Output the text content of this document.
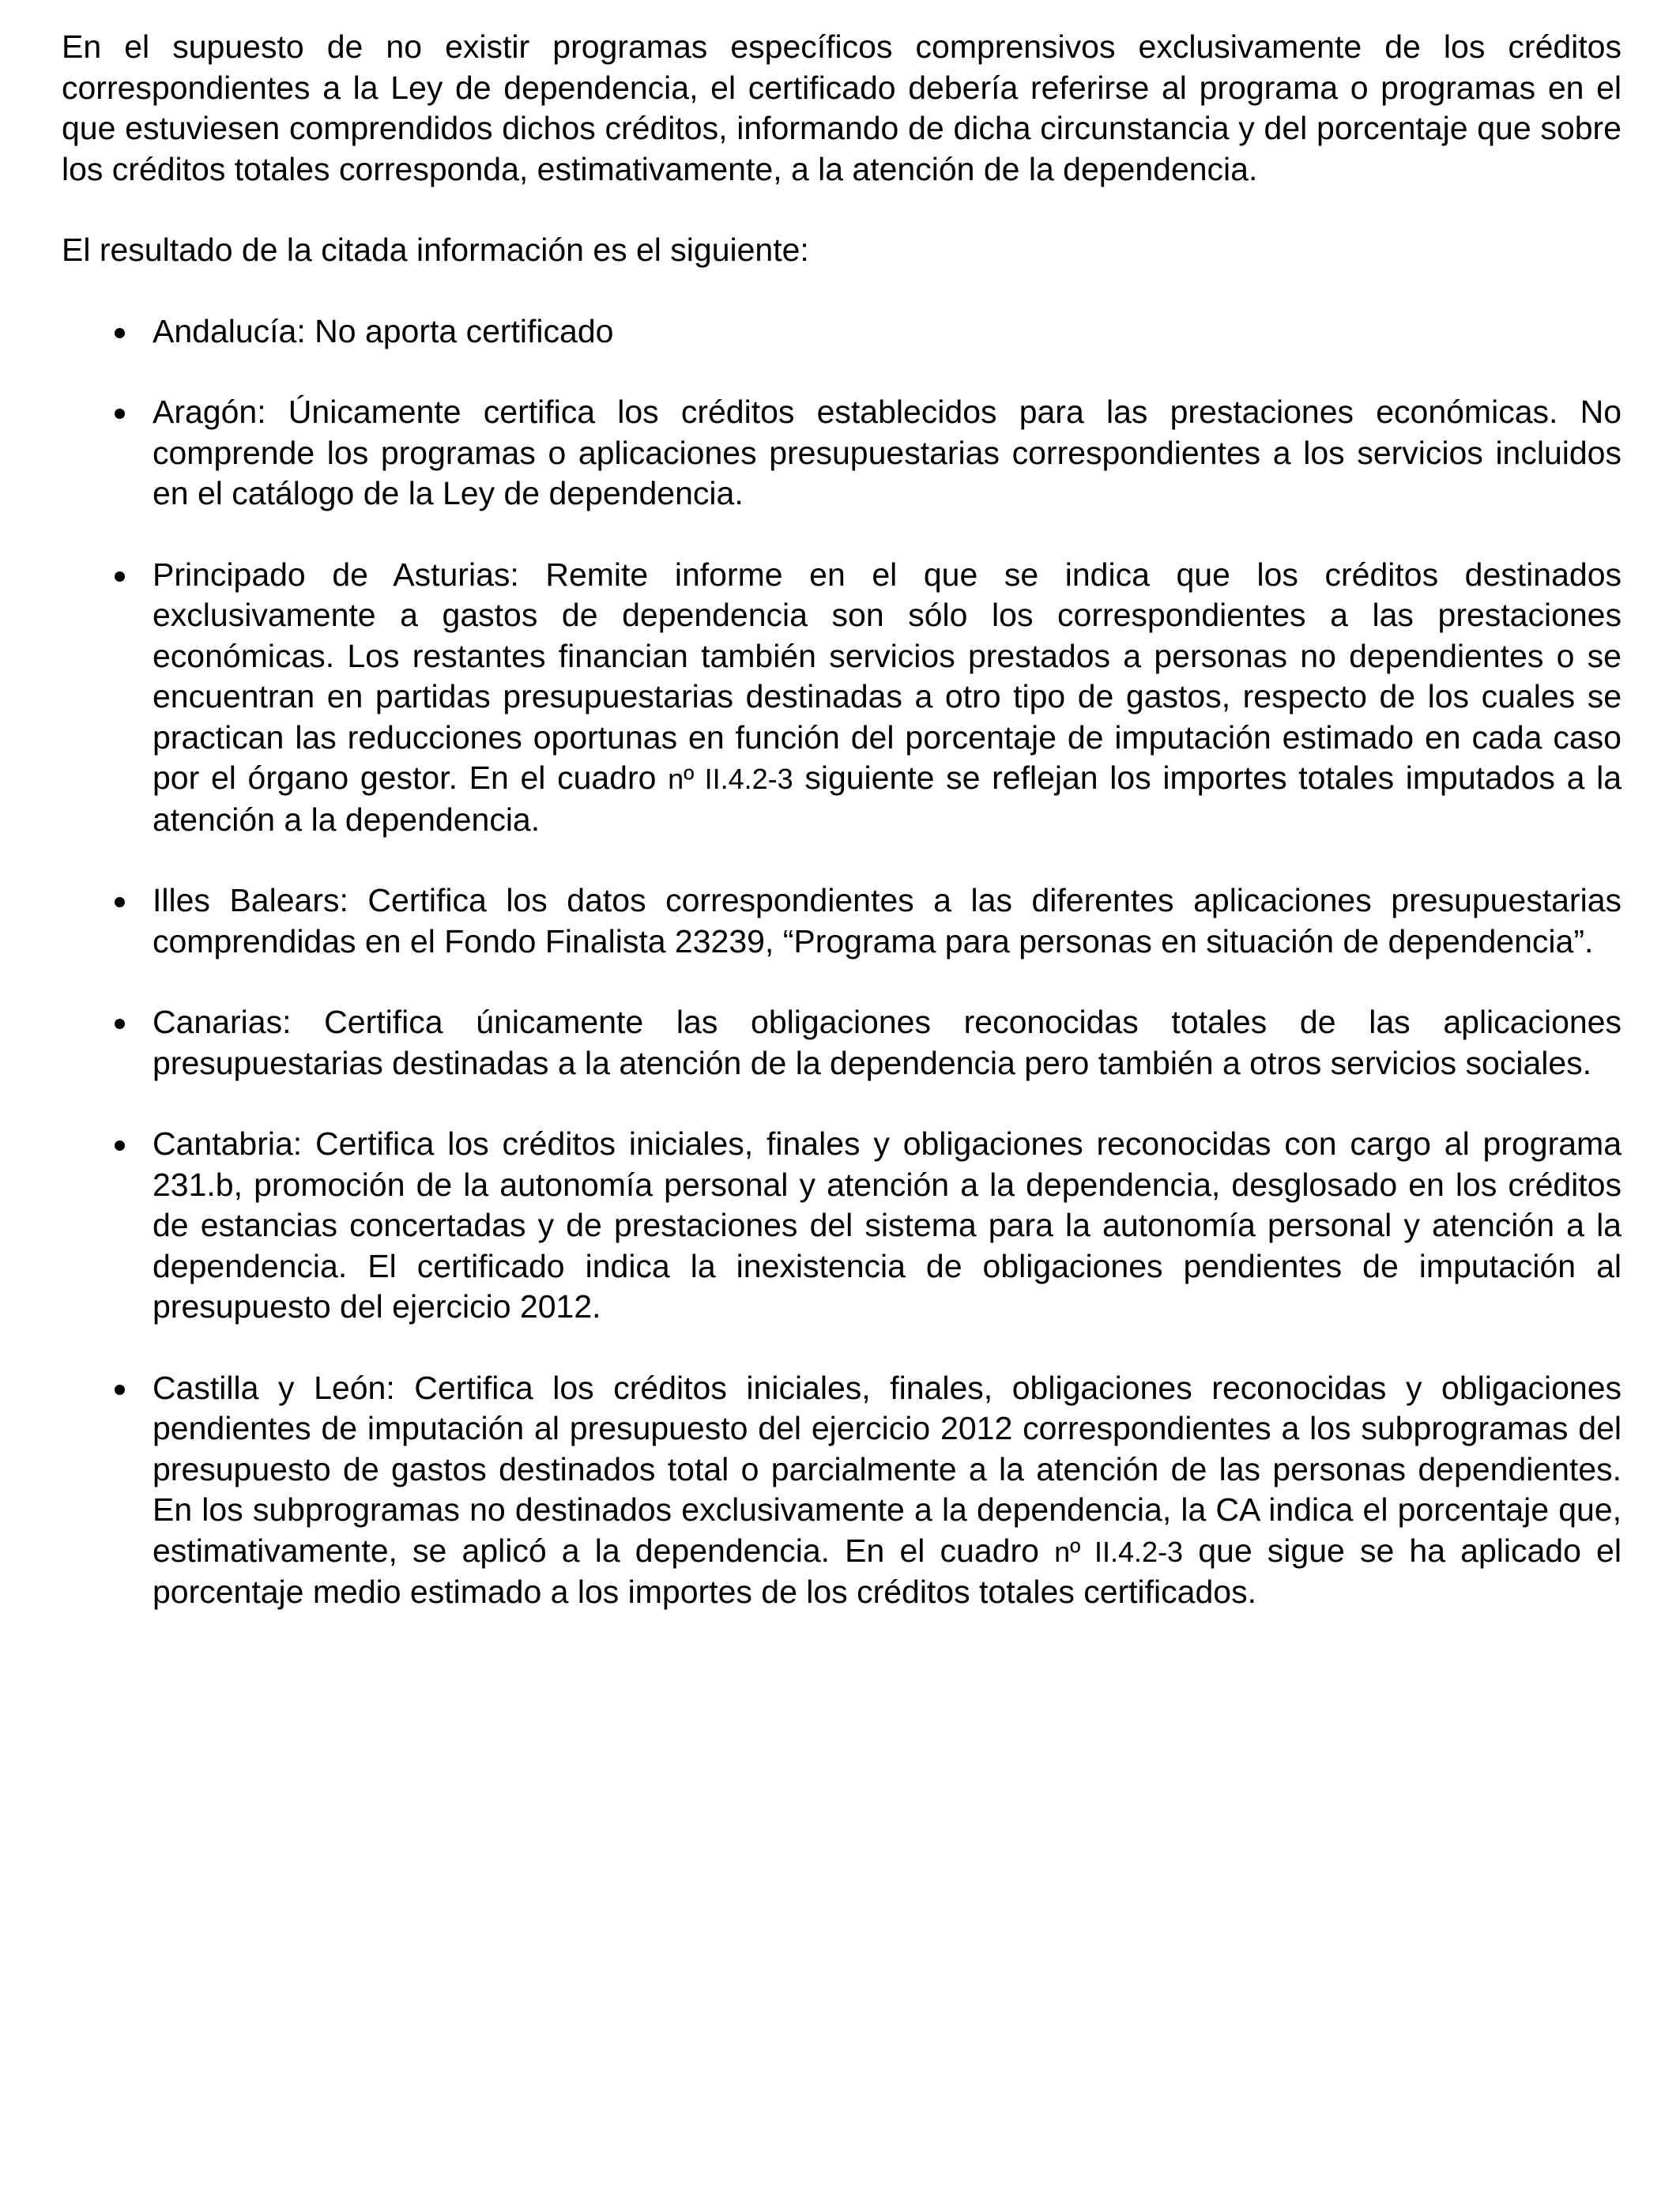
En el supuesto de no existir programas específicos comprensivos exclusivamente de los créditos correspondientes a la Ley de dependencia, el certificado debería referirse al programa o programas en el que estuviesen comprendidos dichos créditos, informando de dicha circunstancia y del porcentaje que sobre los créditos totales corresponda, estimativamente, a la atención de la dependencia.

El resultado de la citada información es el siguiente:

Andalucía: No aporta certificado
Aragón: Únicamente certifica los créditos establecidos para las prestaciones económicas. No comprende los programas o aplicaciones presupuestarias correspondientes a los servicios incluidos en el catálogo de la Ley de dependencia.
Principado de Asturias: Remite informe en el que se indica que los créditos destinados exclusivamente a gastos de dependencia son sólo los correspondientes a las prestaciones económicas. Los restantes financian también servicios prestados a personas no dependientes o se encuentran en partidas presupuestarias destinadas a otro tipo de gastos, respecto de los cuales se practican las reducciones oportunas en función del porcentaje de imputación estimado en cada caso por el órgano gestor. En el cuadro nº II.4.2-3 siguiente se reflejan los importes totales imputados a la atención a la dependencia.
Illes Balears: Certifica los datos correspondientes a las diferentes aplicaciones presupuestarias comprendidas en el Fondo Finalista 23239, “Programa para personas en situación de dependencia”.
Canarias: Certifica únicamente las obligaciones reconocidas totales de las aplicaciones presupuestarias destinadas a la atención de la dependencia pero también a otros servicios sociales.
Cantabria: Certifica los créditos iniciales, finales y obligaciones reconocidas con cargo al programa 231.b, promoción de la autonomía personal y atención a la dependencia, desglosado en los créditos de estancias concertadas y de prestaciones del sistema para la autonomía personal y atención a la dependencia. El certificado indica la inexistencia de obligaciones pendientes de imputación al presupuesto del ejercicio 2012.
Castilla y León: Certifica los créditos iniciales, finales, obligaciones reconocidas y obligaciones pendientes de imputación al presupuesto del ejercicio 2012 correspondientes a los subprogramas del presupuesto de gastos destinados total o parcialmente a la atención de las personas dependientes. En los subprogramas no destinados exclusivamente a la dependencia, la CA indica el porcentaje que, estimativamente, se aplicó a la dependencia. En el cuadro nº II.4.2-3 que sigue se ha aplicado el porcentaje medio estimado a los importes de los créditos totales certificados.
